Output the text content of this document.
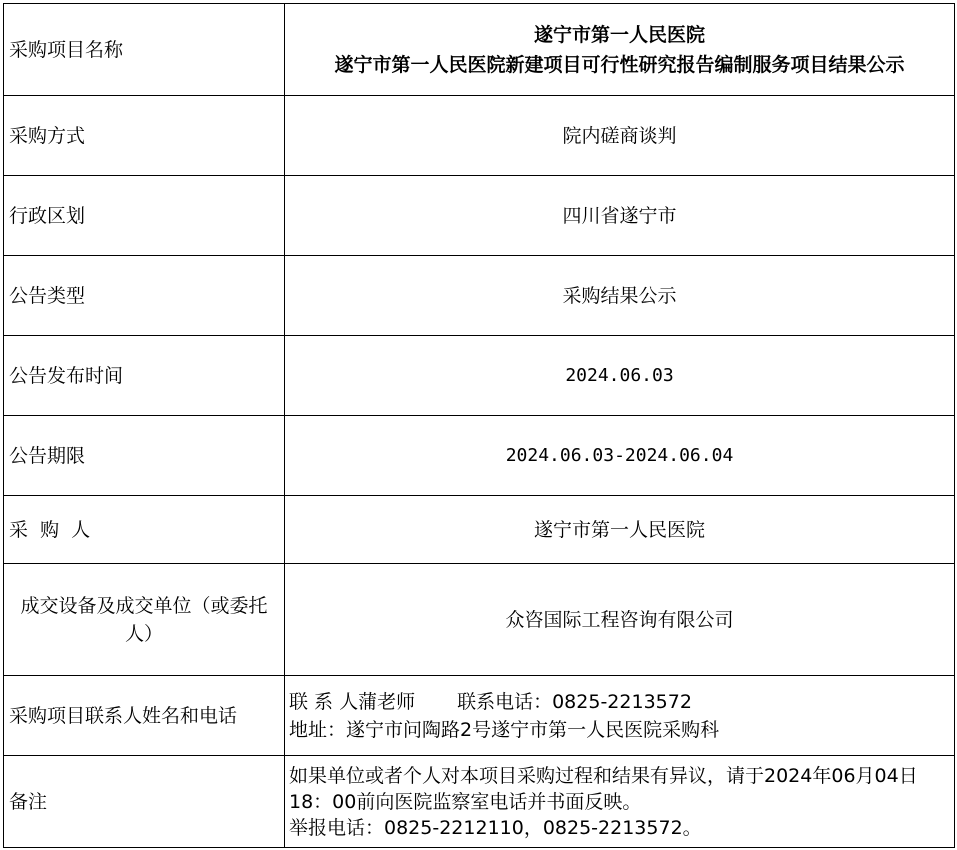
采购项目名称	遂宁市第一人民医院
遂宁市第一人民医院新建项目可行性研究报告编制服务项目结果公示

采购方式	院内磋商谈判
行政区划	四川省遂宁市
公告类型	采购结果公示
公告发布时间	2024.06.03
公告期限	2024.06.03-2024.06.04
采  购  人	遂宁市第一人民医院
成交设备及成交单位（或委托人）	众咨国际工程咨询有限公司
采购项目联系人姓名和电话	联 系 人蒲老师 联系电话：0825-2213572
地址：遂宁市问陶路2号遂宁市第一人民医院采购科

备注	如果单位或者个人对本项目采购过程和结果有异议，请于2024年06月04日18：00前向医院监察室电话并书面反映。
举报电话：0825-2212110，0825-2213572。
